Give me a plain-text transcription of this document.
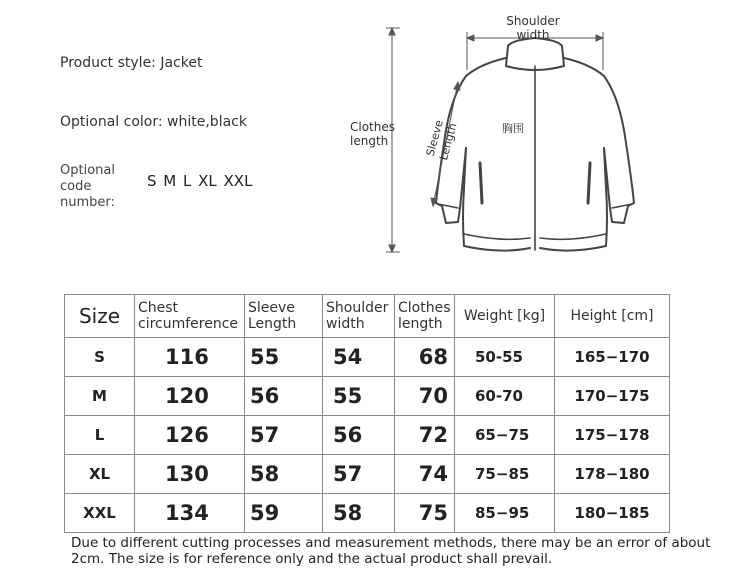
Product style: Jacket
Optional color: white,black
Optional code number:
S M L XL XXL
Shoulder width
Clothes length	Sleeve Length	胸围
Size	Chest circumference	Sleeve Length	Shoulder width	Clothes length	Weight [kg]	Height [cm]
S	116	55	54	68	50-55	165−170
M	120	56	55	70	60-70	170−175
L	126	57	56	72	65−75	175−178
XL	130	58	57	74	75−85	178−180
XXL	134	59	58	75	85−95	180−185
Due to different cutting processes and measurement methods, there may be an error of about 2cm. The size is for reference only and the actual product shall prevail.
